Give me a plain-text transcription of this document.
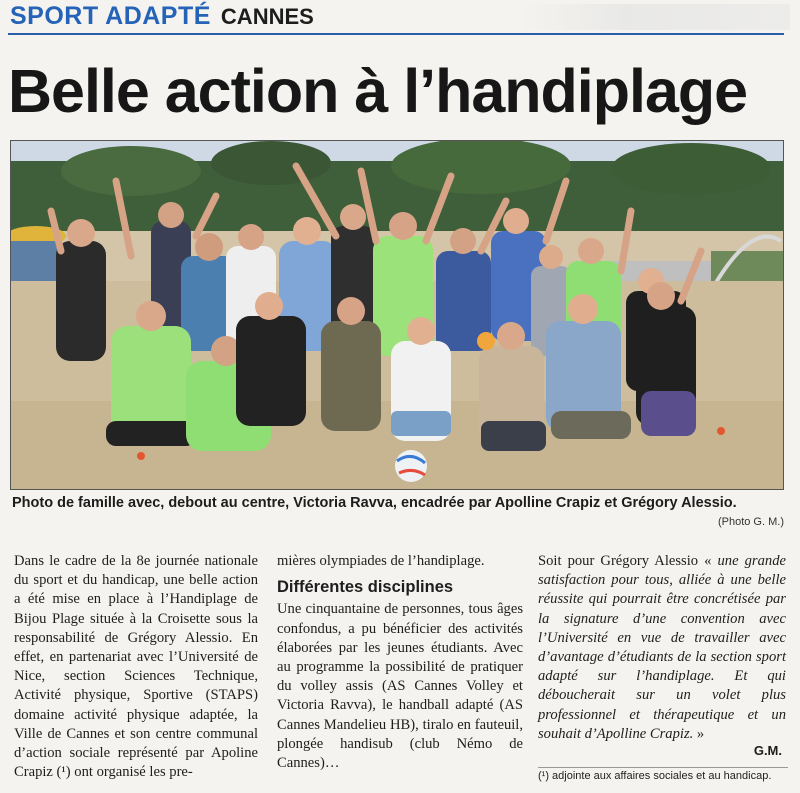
SPORT ADAPTÉ CANNES
Belle action à l’handiplage
Photo de famille avec, debout au centre, Victoria Ravva, encadrée par Apolline Crapiz et Grégory Alessio.
(Photo G. M.)

Dans le cadre de la 8e journée nationale du sport et du handicap, une belle action a été mise en place à l’Handiplage de Bijou Plage située à la Croisette sous la responsabilité de Grégory Alessio. En effet, en partenariat avec l’Université de Nice, section Sciences Technique, Activité physique, Sportive (STAPS) domaine activité physique adaptée, la Ville de Cannes et son centre communal d’action sociale représenté par Apoline Crapiz (¹) ont organisé les pre-

mières olympiades de l’handiplage.

Différentes disciplines

Une cinquantaine de personnes, tous âges confondus, a pu bénéficier des activités élaborées par les jeunes étudiants. Avec au programme la possibilité de pratiquer du volley assis (AS Cannes Volley et Victoria Ravva), le handball adapté (AS Cannes Mandelieu HB), tiralo en fauteuil, plongée handisub (club Némo de Cannes)…

Soit pour Grégory Alessio « une grande satisfaction pour tous, alliée à une belle réussite qui pourrait être concrétisée par la signature d’une convention avec l’Université en vue de travailler avec d’avantage d’étudiants de la section sport adapté sur l’handiplage. Et qui déboucherait sur un volet plus professionnel et thérapeutique et un souhait d’Apolline Crapiz. »

G.M.
(¹) adjointe aux affaires sociales et au handicap.
